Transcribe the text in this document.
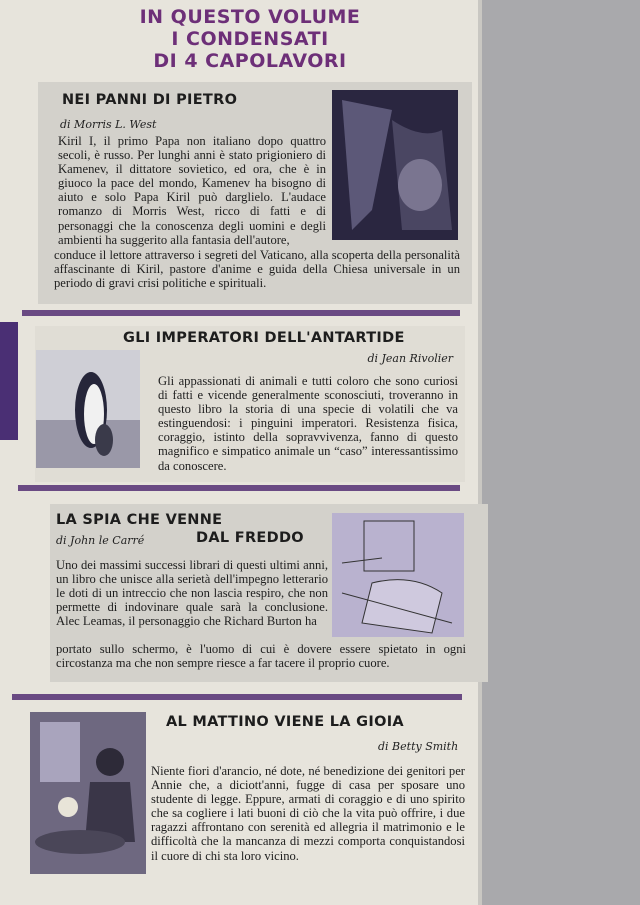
IN QUESTO VOLUME
I CONDENSATI
DI 4 CAPOLAVORI
NEI PANNI DI PIETRO
di Morris L. West
Kiril I, il primo Papa non italiano dopo quattro secoli, è russo. Per lunghi anni è stato prigioniero di Kamenev, il dittatore sovietico, ed ora, che è in giuoco la pace del mondo, Kamenev ha bisogno di aiuto e solo Papa Kiril può darglielo. L'audace romanzo di Morris West, ricco di fatti e di personaggi che la conoscenza degli uomini e degli ambienti ha suggerito alla fantasia dell'autore,
conduce il lettore attraverso i segreti del Vaticano, alla scoperta della personalità affascinante di Kiril, pastore d'anime e guida della Chiesa universale in un periodo di gravi crisi politiche e spirituali.
GLI IMPERATORI DELL'ANTARTIDE
di Jean Rivolier
Gli appassionati di animali e tutti coloro che sono curiosi di fatti e vicende generalmente sconosciuti, troveranno in questo libro la storia di una specie di volatili che va estinguendosi: i pinguini imperatori. Resistenza fisica, coraggio, istinto della sopravvivenza, fanno di questo magnifico e simpatico animale un “caso” interessantissimo da conoscere.
LA SPIA CHE VENNE
di John le Carré	DAL FREDDO
Uno dei massimi successi librari di questi ultimi anni, un libro che unisce alla serietà dell'impegno letterario le doti di un intreccio che non lascia respiro, che non permette di indovinare quale sarà la conclusione. Alec Leamas, il personaggio che Richard Burton ha
portato sullo schermo, è l'uomo di cui è dovere essere spietato in ogni circostanza ma che non sempre riesce a far tacere il proprio cuore.
AL MATTINO VIENE LA GIOIA
di Betty Smith
Niente fiori d'arancio, né dote, né benedizione dei genitori per Annie che, a diciott'anni, fugge di casa per sposare uno studente di legge. Eppure, armati di coraggio e di uno spirito che sa cogliere i lati buoni di ciò che la vita può offrire, i due ragazzi affrontano con serenità ed allegria il matrimonio e le difficoltà che la mancanza di mezzi comporta conquistandosi il cuore di chi sta loro vicino.
